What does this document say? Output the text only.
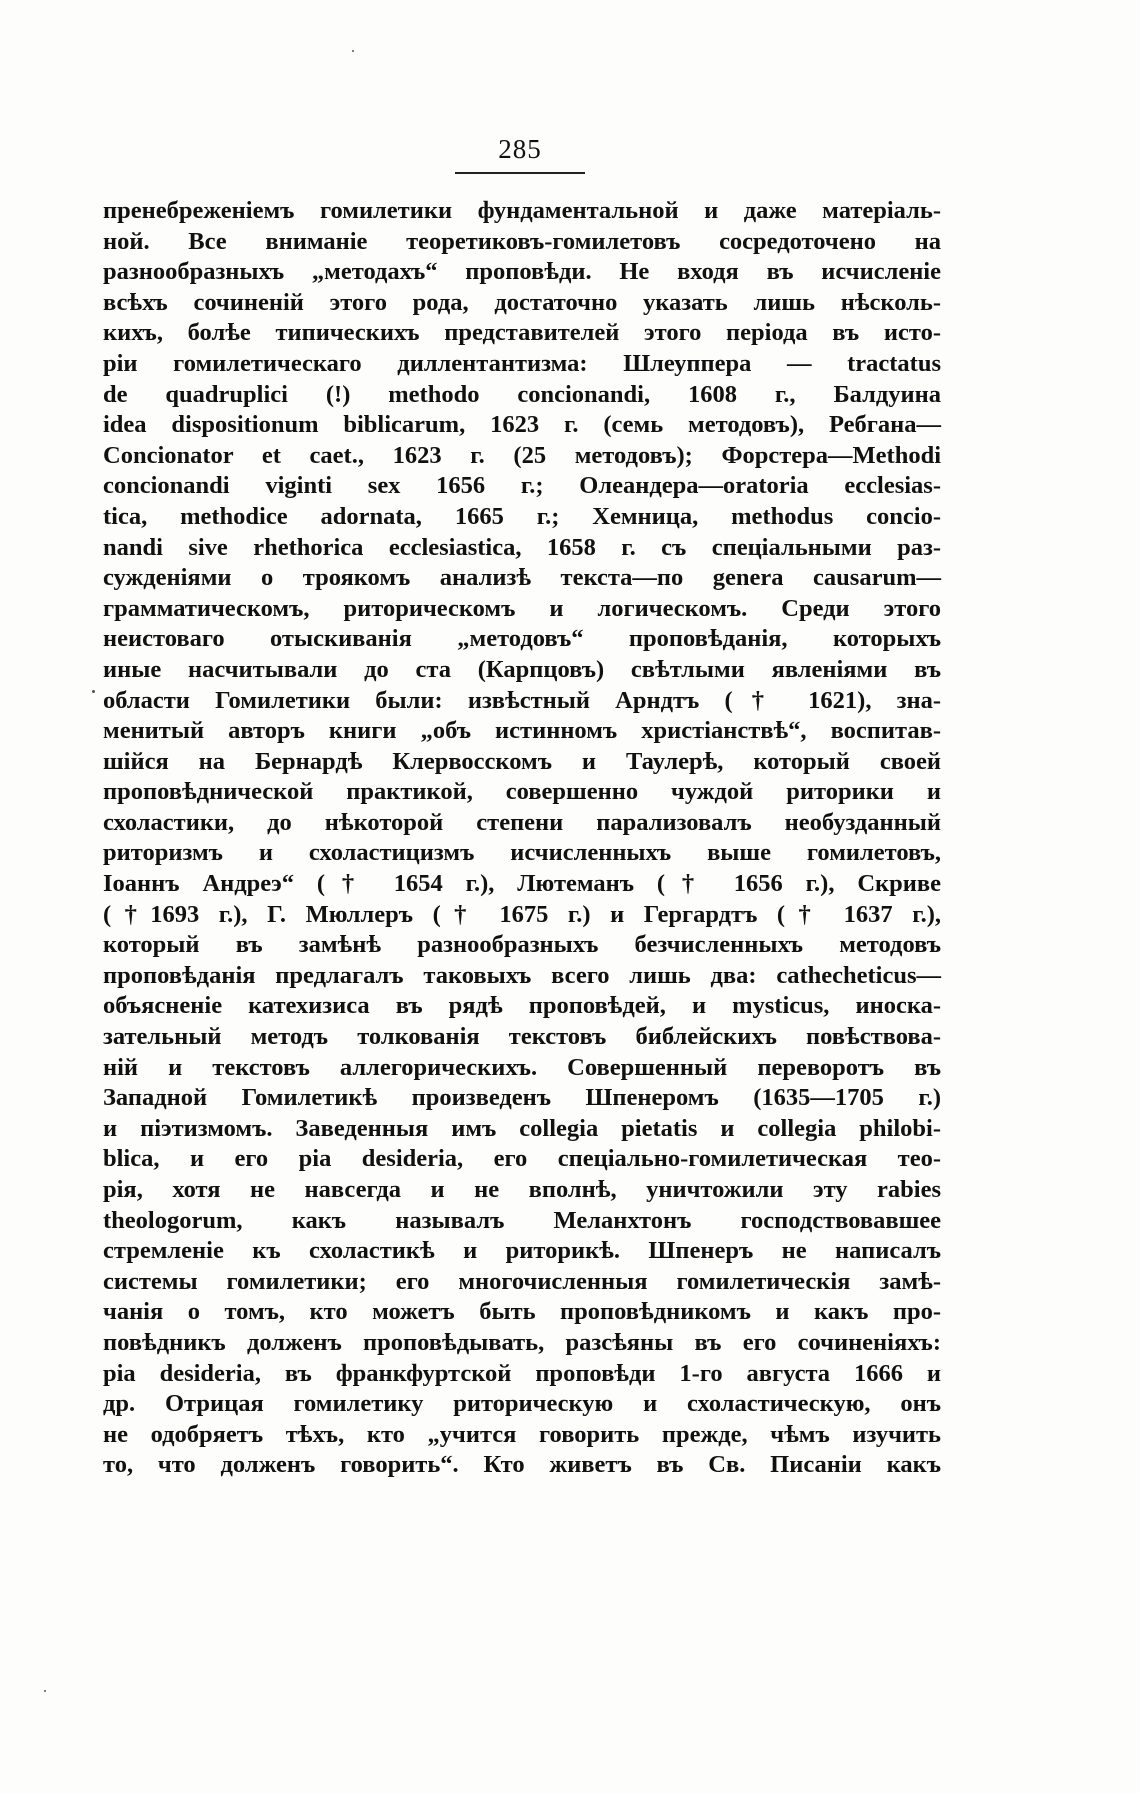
285
пренебреженіемъ гомилетики фундаментальной и даже матеріаль-
ной. Все вниманіе теоретиковъ-гомилетовъ сосредоточено на
разнообразныхъ „методахъ“ проповѣди. Не входя въ исчисленіе
всѣхъ сочиненій этого рода, достаточно указать лишь нѣсколь-
кихъ, болѣе типическихъ представителей этого періода въ исто-
ріи гомилетическаго диллентантизма: Шлеуппера — tractatus
de quadruplici (!) methodo concionandi, 1608 г., Балдуина
idea dispositionum biblicarum, 1623 г. (семь методовъ), Ребгана—
Concionator et caet., 1623 г. (25 методовъ); Форстера—Methodi
concionandi viginti sex 1656 г.; Олеандера—oratoria ecclesias-
tica, methodice adornata, 1665 г.; Хемница, methodus concio-
nandi sive rhethorica ecclesiastica, 1658 г. съ спеціальными раз-
сужденіями о троякомъ анализѣ текста—по genera causarum—
грамматическомъ, риторическомъ и логическомъ. Среди этого
неистоваго отыскиванія „методовъ“ проповѣданія, которыхъ
иные насчитывали до ста (Карпцовъ) свѣтлыми явленіями въ
области Гомилетики были: извѣстный Арндтъ († 1621), зна-
менитый авторъ книги „объ истинномъ христіанствѣ“, воспитав-
шійся на Бернардѣ Клервосскомъ и Таулерѣ, который своей
проповѣднической практикой, совершенно чуждой риторики и
схоластики, до нѣкоторой степени парализовалъ необузданный
риторизмъ и схоластицизмъ исчисленныхъ выше гомилетовъ,
Іоаннъ Андреэ“ († 1654 г.), Лютеманъ († 1656 г.), Скриве
(†1693 г.), Г. Мюллеръ († 1675 г.) и Гергардтъ († 1637 г.),
который въ замѣнѣ разнообразныхъ безчисленныхъ методовъ
проповѣданія предлагалъ таковыхъ всего лишь два: cathecheticus—
объясненіе катехизиса въ рядѣ проповѣдей, и mysticus, иноска-
зательный методъ толкованія текстовъ библейскихъ повѣствова-
ній и текстовъ аллегорическихъ. Совершенный переворотъ въ
Западной Гомилетикѣ произведенъ Шпенеромъ (1635—1705 г.)
и піэтизмомъ. Заведенныя имъ collegia pietatis и collegia philobi-
blica, и его pia desideria, его спеціально-гомилетическая тео-
рія, хотя не навсегда и не вполнѣ, уничтожили эту rabies
theologorum, какъ называлъ Меланхтонъ господствовавшее
стремленіе къ схоластикѣ и риторикѣ. Шпенеръ не написалъ
системы гомилетики; его многочисленныя гомилетическія замѣ-
чанія о томъ, кто можетъ быть проповѣдникомъ и какъ про-
повѣдникъ долженъ проповѣдывать, разсѣяны въ его сочиненіяхъ:
pia desideria, въ франкфуртской проповѣди 1-го августа 1666 и
др. Отрицая гомилетику риторическую и схоластическую, онъ
не одобряетъ тѣхъ, кто „учится говорить прежде, чѣмъ изучить
то, что долженъ говорить“. Кто живетъ въ Св. Писаніи какъ
